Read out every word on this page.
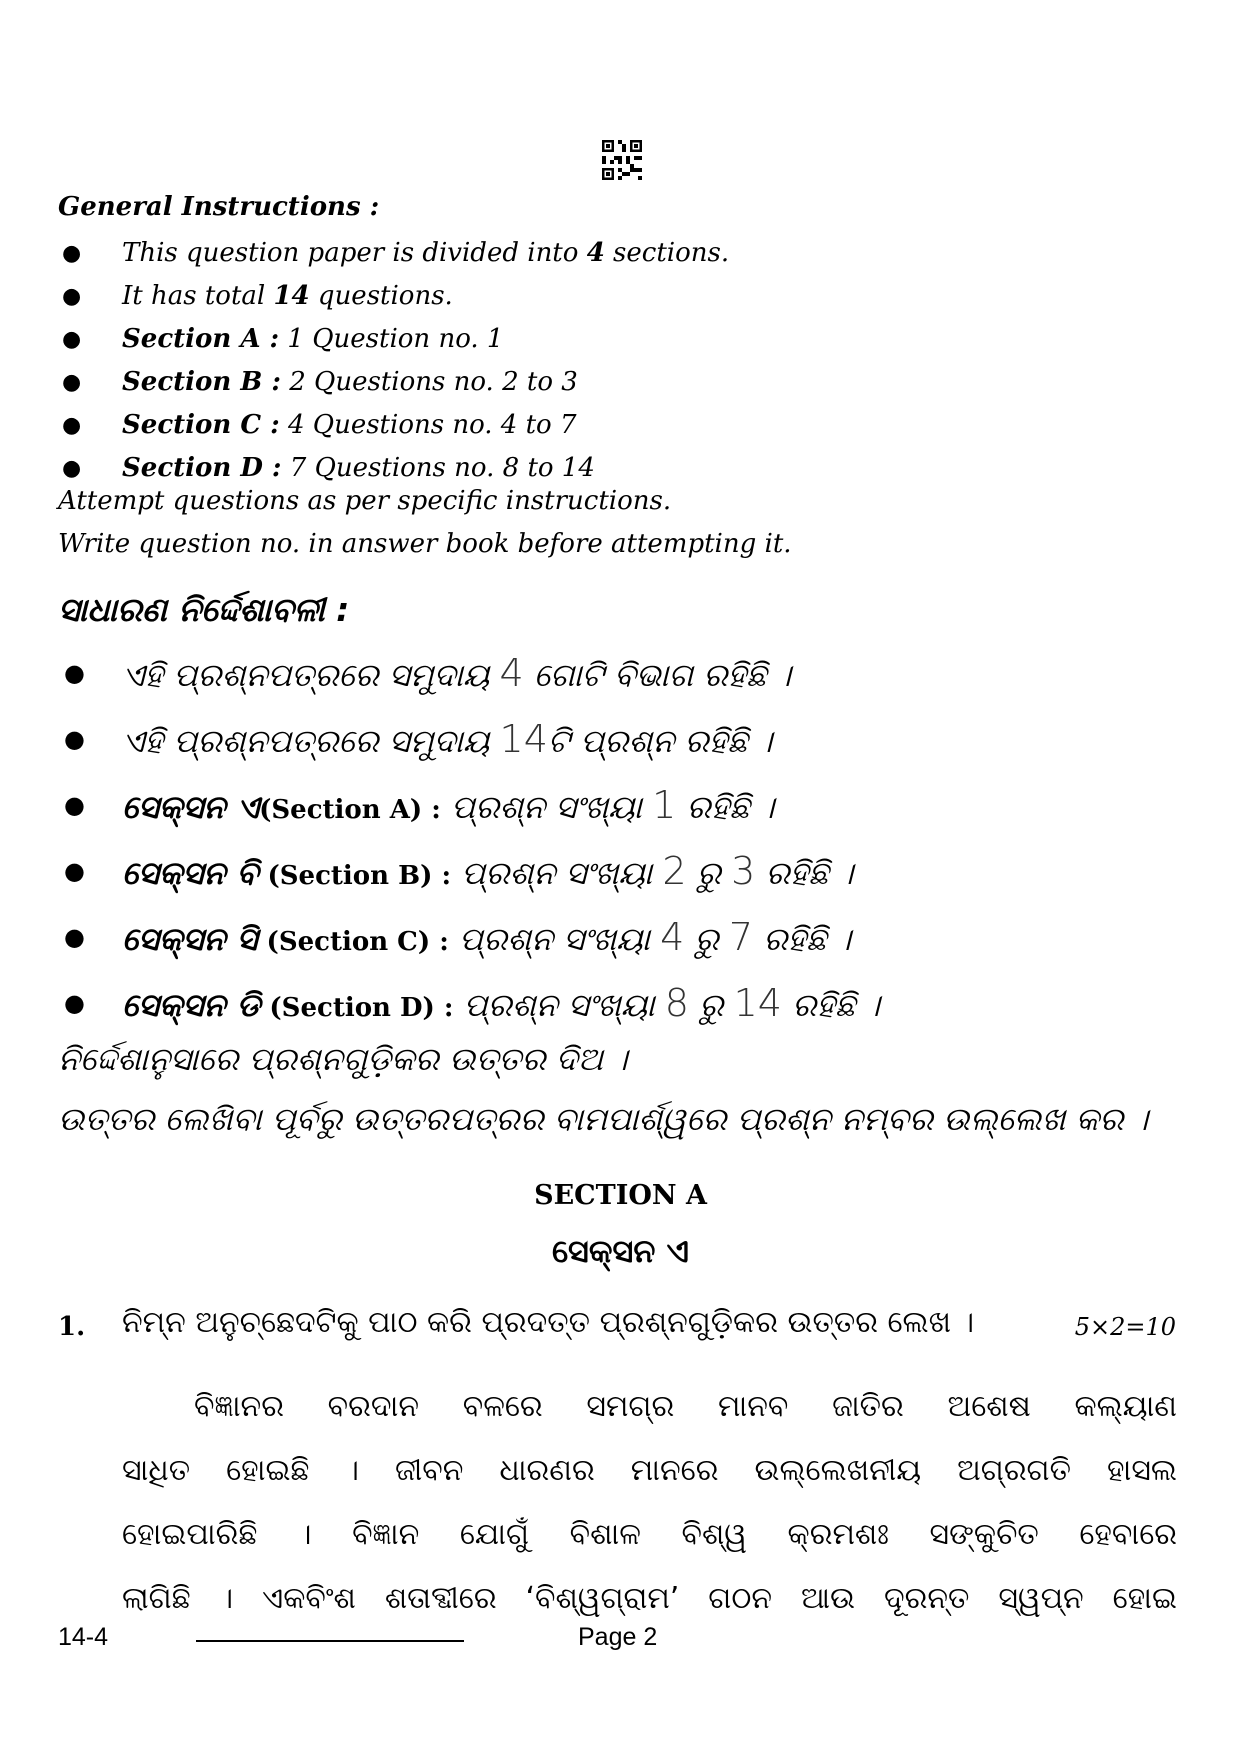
General Instructions :
● This question paper is divided into 4 sections.
● It has total 14 questions.
● Section A : 1 Question no. 1
● Section B : 2 Questions no. 2 to 3
● Section C : 4 Questions no. 4 to 7
● Section D : 7 Questions no. 8 to 14
Attempt questions as per specific instructions.
Write question no. in answer book before attempting it.
ସାଧାରଣ ନିର୍ଦ୍ଦେଶାବଳୀ :
● ଏହି ପ୍ରଶ୍ନପତ୍ରରେ ସମୁଦାୟ 4 ଗୋଟି ବିଭାଗ ରହିଛି ।
● ଏହି ପ୍ରଶ୍ନପତ୍ରରେ ସମୁଦାୟ 14ଟି ପ୍ରଶ୍ନ ରହିଛି ।
● ସେକ୍ସନ ଏ(Section A) : ପ୍ରଶ୍ନ ସଂଖ୍ୟା 1 ରହିଛି ।
● ସେକ୍ସନ ବି (Section B) : ପ୍ରଶ୍ନ ସଂଖ୍ୟା 2 ରୁ 3 ରହିଛି ।
● ସେକ୍ସନ ସି (Section C) : ପ୍ରଶ୍ନ ସଂଖ୍ୟା 4 ରୁ 7 ରହିଛି ।
● ସେକ୍ସନ ଡି (Section D) : ପ୍ରଶ୍ନ ସଂଖ୍ୟା 8 ରୁ 14 ରହିଛି ।
ନିର୍ଦ୍ଦେଶାନୁସାରେ ପ୍ରଶ୍ନଗୁଡ଼ିକର ଉତ୍ତର ଦିଅ ।
ଉତ୍ତର ଲେଖିବା ପୂର୍ବରୁ ଉତ୍ତରପତ୍ରର ବାମପାର୍ଶ୍ୱରେ ପ୍ରଶ୍ନ ନମ୍ବର ଉଲ୍ଲେଖ କର ।
SECTION A
ସେକ୍ସନ ଏ
1. ନିମ୍ନ ଅନୁଚ୍ଛେଦଟିକୁ ପାଠ କରି ପ୍ରଦତ୍ତ ପ୍ରଶ୍ନଗୁଡ଼ିକର ଉତ୍ତର ଲେଖ ।	5×2=10
ବିଜ୍ଞାନର ବରଦାନ ବଳରେ ସମଗ୍ର ମାନବ ଜାତିର ଅଶେଷ କଲ୍ୟାଣ
ସାଧିତ ହୋଇଛି । ଜୀବନ ଧାରଣର ମାନରେ ଉଲ୍ଲେଖନୀୟ ଅଗ୍ରଗତି ହାସଲ
ହୋଇପାରିଛି । ବିଜ୍ଞାନ ଯୋଗୁଁ ବିଶାଳ ବିଶ୍ୱ କ୍ରମଶଃ ସଙ୍କୁଚିତ ହେବାରେ
ଲାଗିଛି । ଏକବିଂଶ ଶତାବ୍ଦୀରେ ‘ବିଶ୍ୱଗ୍ରାମ’ ଗଠନ ଆଉ ଦୂରନ୍ତ ସ୍ୱପ୍ନ ହୋଇ
14-4	Page 2
